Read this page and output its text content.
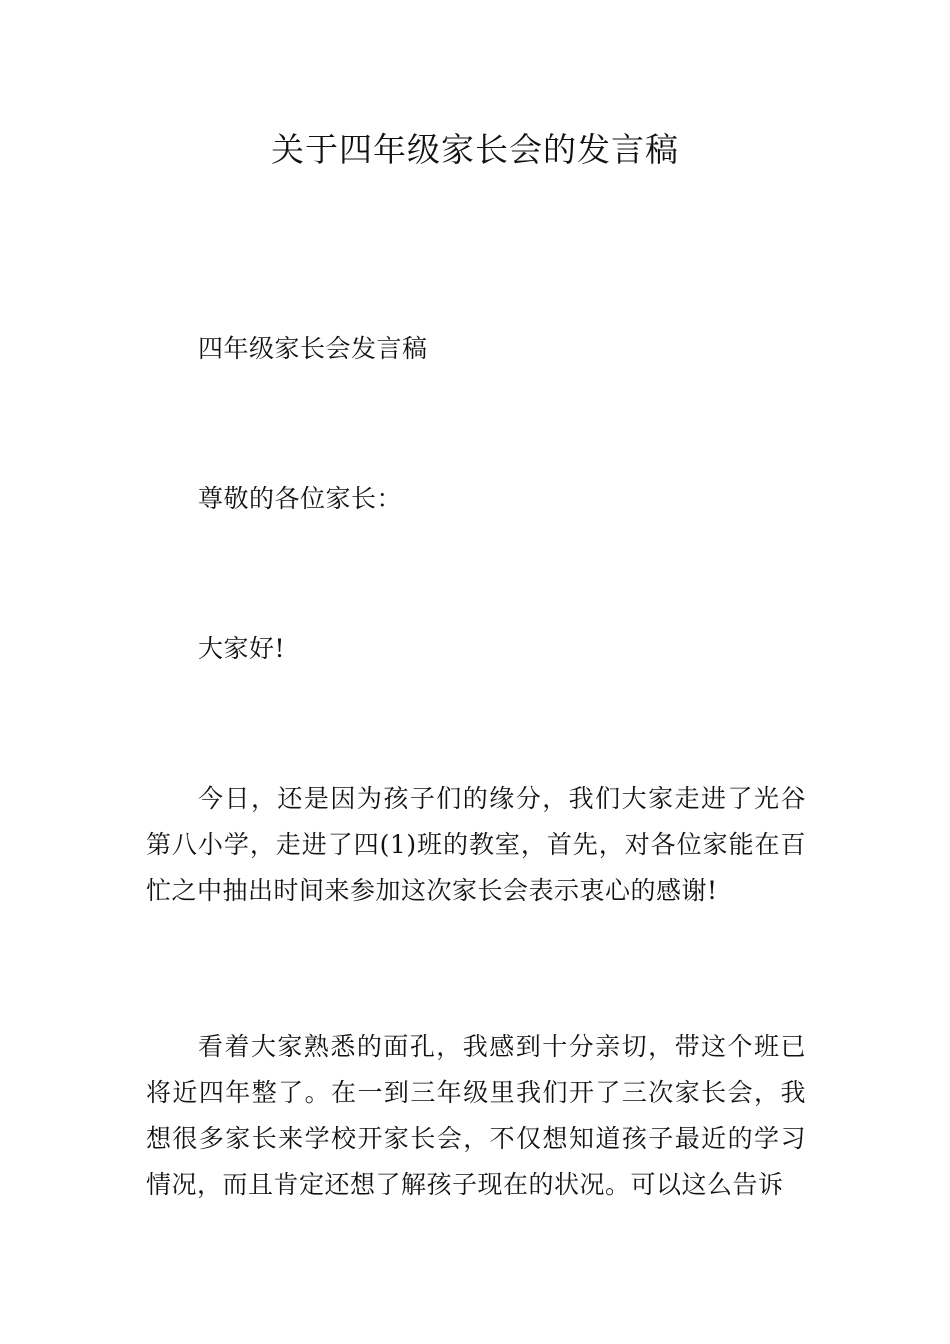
关于四年级家长会的发言稿

四年级家长会发言稿

尊敬的各位家长：

大家好!

今日，还是因为孩子们的缘分，我们大家走进了光谷第八小学，走进了四(1)班的教室，首先，对各位家能在百忙之中抽出时间来参加这次家长会表示衷心的感谢!

看着大家熟悉的面孔，我感到十分亲切，带这个班已将近四年整了。在一到三年级里我们开了三次家长会，我想很多家长来学校开家长会，不仅想知道孩子最近的学习情况，而且肯定还想了解孩子现在的状况。可以这么告诉
